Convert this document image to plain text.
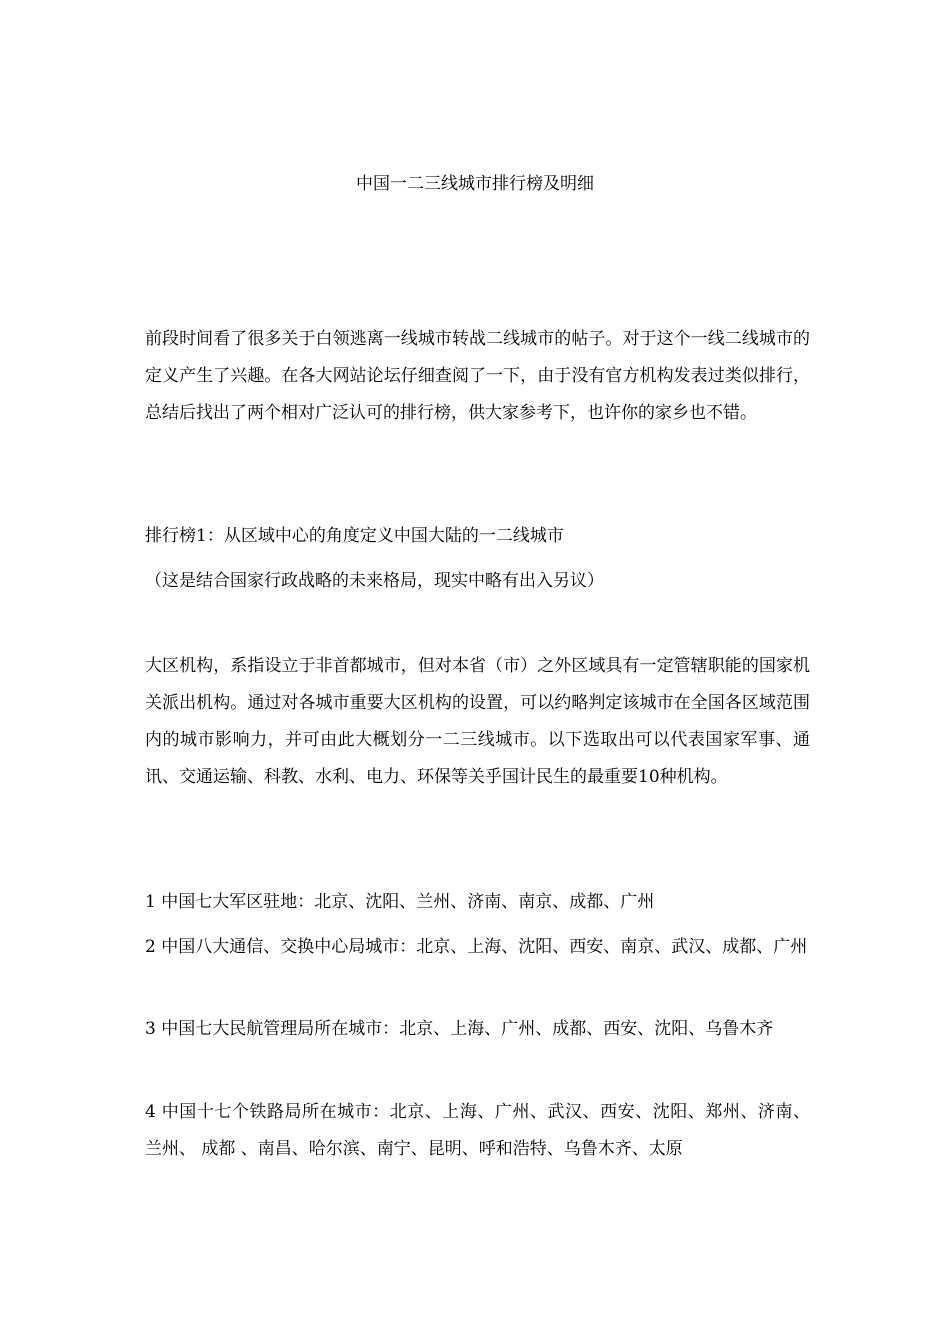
中国一二三线城市排行榜及明细
前段时间看了很多关于白领逃离一线城市转战二线城市的帖子。对于这个一线二线城市的定义产生了兴趣。在各大网站论坛仔细查阅了一下，由于没有官方机构发表过类似排行，总结后找出了两个相对广泛认可的排行榜，供大家参考下，也许你的家乡也不错。
排行榜1：从区域中心的角度定义中国大陆的一二线城市
（这是结合国家行政战略的未来格局，现实中略有出入另议）
大区机构，系指设立于非首都城市，但对本省（市）之外区域具有一定管辖职能的国家机关派出机构。通过对各城市重要大区机构的设置，可以约略判定该城市在全国各区域范围内的城市影响力，并可由此大概划分一二三线城市。以下选取出可以代表国家军事、通讯、交通运输、科教、水利、电力、环保等关乎国计民生的最重要10种机构。
1 中国七大军区驻地：北京、沈阳、兰州、济南、南京、成都、广州
2 中国八大通信、交换中心局城市：北京、上海、沈阳、西安、南京、武汉、成都、广州
3 中国七大民航管理局所在城市：北京、上海、广州、成都、西安、沈阳、乌鲁木齐
4 中国十七个铁路局所在城市：北京、上海、广州、武汉、西安、沈阳、郑州、济南、 兰州、 成都 、南昌、哈尔滨、南宁、昆明、呼和浩特、乌鲁木齐、太原
